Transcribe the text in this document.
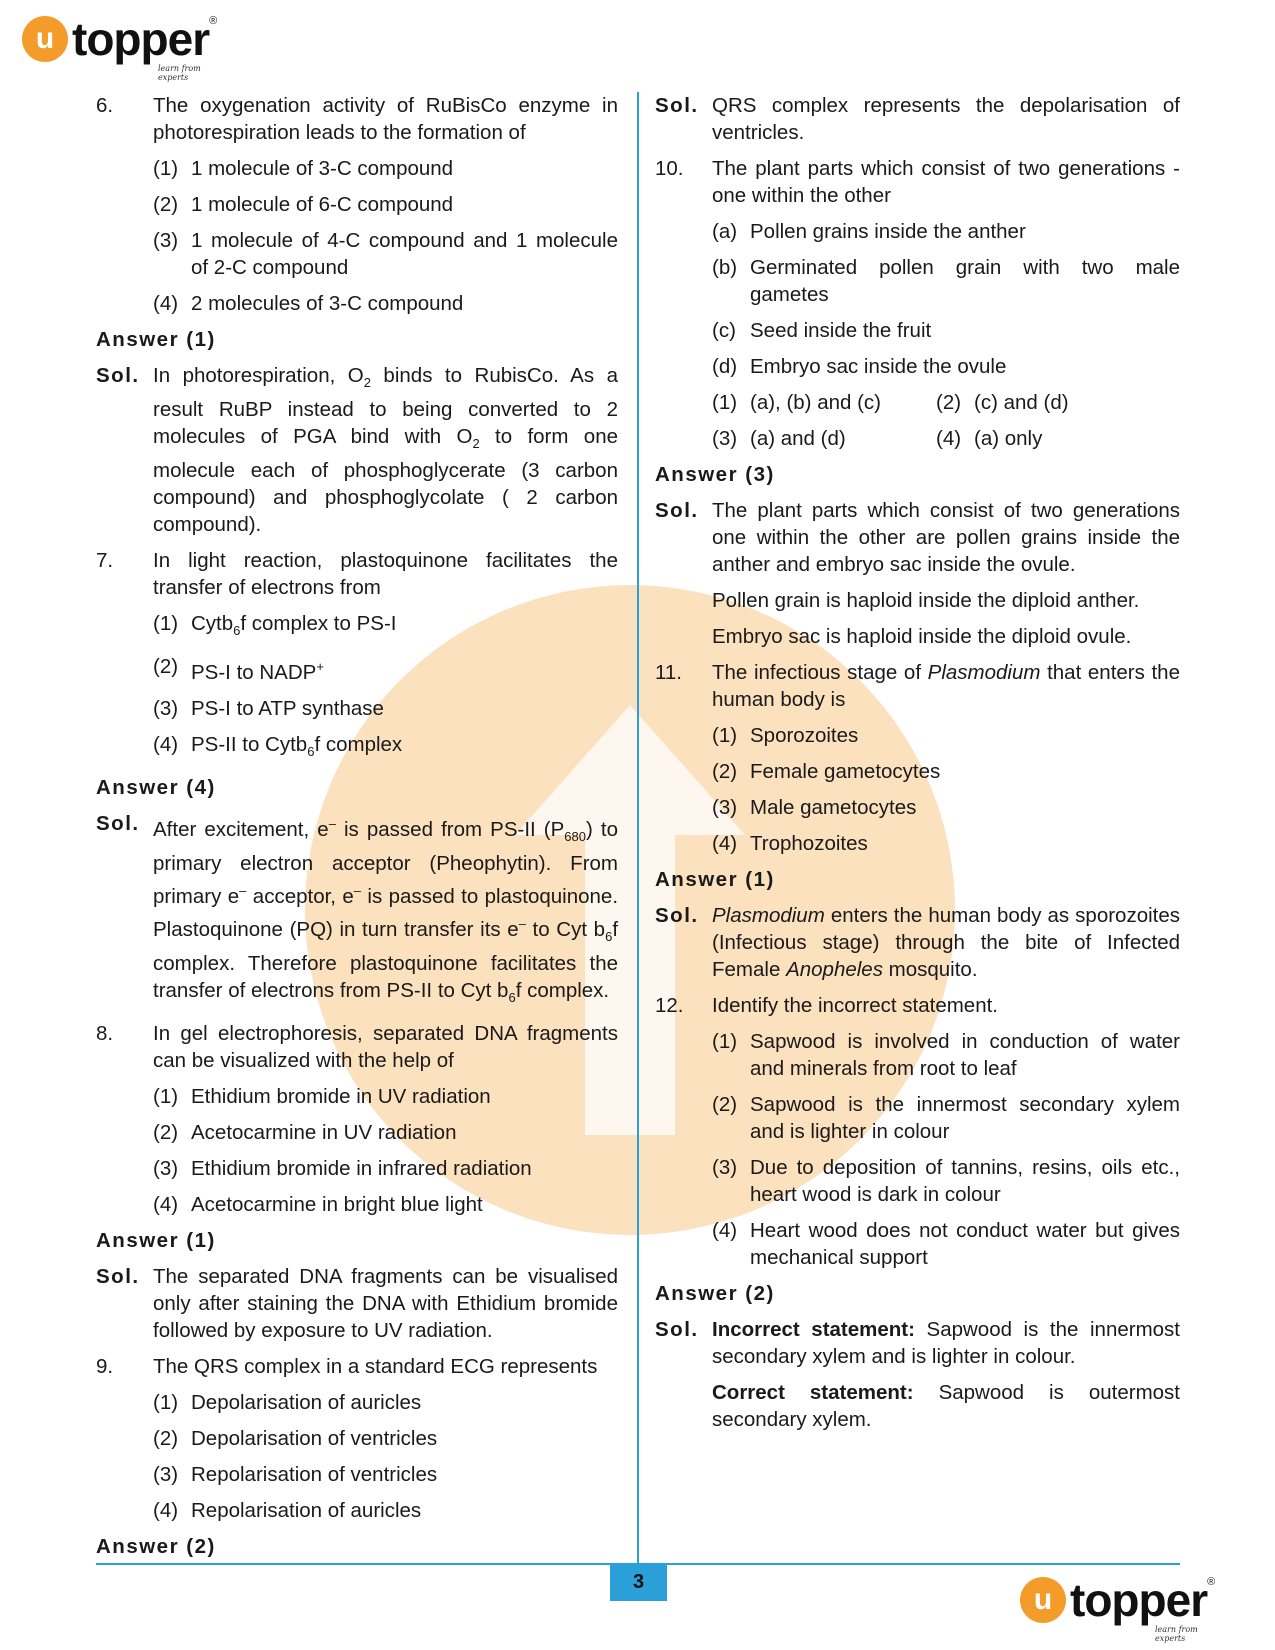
u topper ®
learn from experts
6.	The oxygenation activity of RuBisCo enzyme in photorespiration leads to the formation of
(1) 1 molecule of 3-C compound
(2) 1 molecule of 6-C compound
(3) 1 molecule of 4-C compound and 1 molecule of 2-C compound
(4) 2 molecules of 3-C compound
Answer (1)
Sol. In photorespiration, $O_2$ binds to RubisCo. As a result RuBP instead to being converted to 2 molecules of PGA bind with $O_2$ to form one molecule each of phosphoglycerate (3 carbon compound) and phosphoglycolate ( 2 carbon compound).
7.	In light reaction, plastoquinone facilitates the transfer of electrons from
(1) Cytb$_6$f complex to PS-I
(2) PS-I to NADP+
(3) PS-I to ATP synthase
(4) PS-II to Cytb$_6$f complex
Answer (4)
Sol. After excitement, e– is passed from PS-II $(P_{680})$ to primary electron acceptor (Pheophytin). From primary e– acceptor, e– is passed to plastoquinone. Plastoquinone (PQ) in turn transfer its e– to Cyt $b_6f$ complex. Therefore plastoquinone facilitates the transfer of electrons from PS-II to Cyt $b_6f$ complex.
8.	In gel electrophoresis, separated DNA fragments can be visualized with the help of
(1) Ethidium bromide in UV radiation
(2) Acetocarmine in UV radiation
(3) Ethidium bromide in infrared radiation
(4) Acetocarmine in bright blue light
Answer (1)
Sol. The separated DNA fragments can be visualised only after staining the DNA with Ethidium bromide followed by exposure to UV radiation.
9.	The QRS complex in a standard ECG represents
(1) Depolarisation of auricles
(2) Depolarisation of ventricles
(3) Repolarisation of ventricles
(4) Repolarisation of auricles
Answer (2)
Sol. QRS complex represents the depolarisation of ventricles.
10.	The plant parts which consist of two generations - one within the other
(a) Pollen grains inside the anther
(b) Germinated pollen grain with two male gametes
(c) Seed inside the fruit
(d) Embryo sac inside the ovule
(1) (a), (b) and (c)	(2) (c) and (d)
(3) (a) and (d)	(4) (a) only
Answer (3)
Sol. The plant parts which consist of two generations one within the other are pollen grains inside the anther and embryo sac inside the ovule.
Pollen grain is haploid inside the diploid anther.
Embryo sac is haploid inside the diploid ovule.
11.	The infectious stage of Plasmodium that enters the human body is
(1) Sporozoites
(2) Female gametocytes
(3) Male gametocytes
(4) Trophozoites
Answer (1)
Sol. Plasmodium enters the human body as sporozoites (Infectious stage) through the bite of Infected Female Anopheles mosquito.
12.	Identify the incorrect statement.
(1) Sapwood is involved in conduction of water and minerals from root to leaf
(2) Sapwood is the innermost secondary xylem and is lighter in colour
(3) Due to deposition of tannins, resins, oils etc., heart wood is dark in colour
(4) Heart wood does not conduct water but gives mechanical support
Answer (2)
Sol. Incorrect statement: Sapwood is the innermost secondary xylem and is lighter in colour.
Correct statement: Sapwood is outermost secondary xylem.
3
u topper ®
learn from experts
